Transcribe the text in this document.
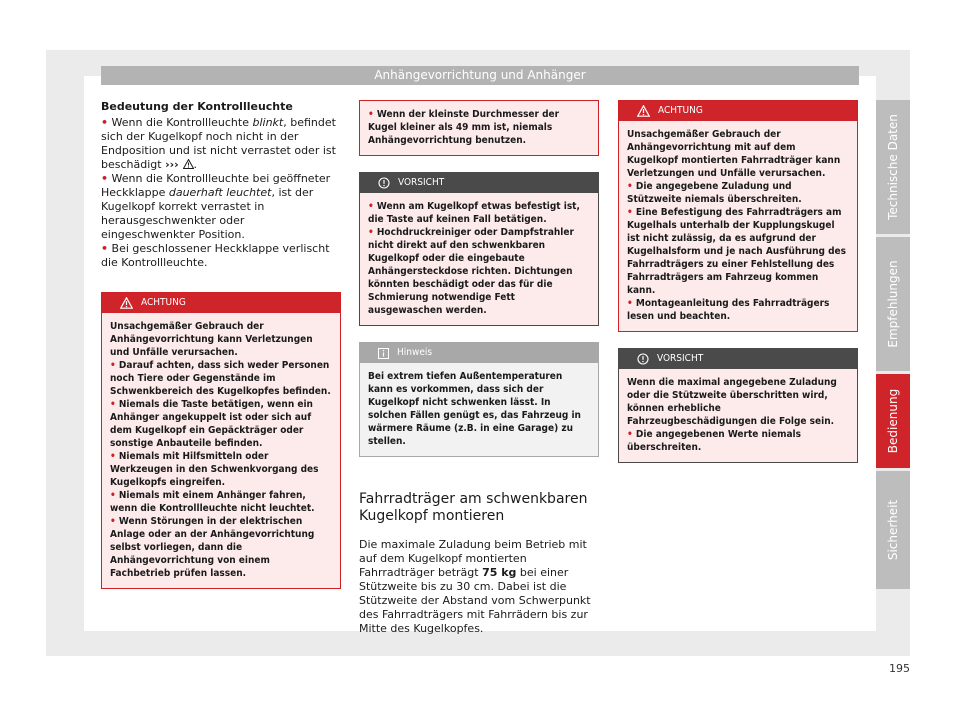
Anhängevorrichtung und Anhänger

Bedeutung der Kontrollleuchte

• Wenn die Kontrollleuchte blinkt, befindet sich der Kugelkopf noch nicht in der Endposition und ist nicht verrastet oder ist beschädigt ››› .

• Wenn die Kontrollleuchte bei geöffneter Heckklappe dauerhaft leuchtet, ist der Kugelkopf korrekt verrastet in herausgeschwenkter oder eingeschwenkter Position.

• Bei geschlossener Heckklappe verlischt die Kontrollleuchte.

ACHTUNG

Unsachgemäßer Gebrauch der Anhängevorrichtung kann Verletzungen und Unfälle verursachen.

• Darauf achten, dass sich weder Personen noch Tiere oder Gegenstände im Schwenkbereich des Kugelkopfes befinden.

• Niemals die Taste betätigen, wenn ein Anhänger angekuppelt ist oder sich auf dem Kugelkopf ein Gepäckträger oder sonstige Anbauteile befinden.

• Niemals mit Hilfsmitteln oder Werkzeugen in den Schwenkvorgang des Kugelkopfs eingreifen.

• Niemals mit einem Anhänger fahren, wenn die Kontrollleuchte nicht leuchtet.

• Wenn Störungen in der elektrischen Anlage oder an der Anhängevorrichtung selbst vorliegen, dann die Anhängevorrichtung von einem Fachbetrieb prüfen lassen.

• Wenn der kleinste Durchmesser der Kugel kleiner als 49 mm ist, niemals Anhängevorrichtung benutzen.

VORSICHT

• Wenn am Kugelkopf etwas befestigt ist, die Taste auf keinen Fall betätigen.

• Hochdruckreiniger oder Dampfstrahler nicht direkt auf den schwenkbaren Kugelkopf oder die eingebaute Anhängersteckdose richten. Dichtungen könnten beschädigt oder das für die Schmierung notwendige Fett ausgewaschen werden.

Hinweis

Bei extrem tiefen Außentemperaturen kann es vorkommen, dass sich der Kugelkopf nicht schwenken lässt. In solchen Fällen genügt es, das Fahrzeug in wärmere Räume (z.B. in eine Garage) zu stellen.

Fahrradträger am schwenkbaren Kugelkopf montieren

Die maximale Zuladung beim Betrieb mit auf dem Kugelkopf montierten Fahrradträger beträgt 75 kg bei einer Stützweite bis zu 30 cm. Dabei ist die Stützweite der Abstand vom Schwerpunkt des Fahrradträgers mit Fahrrädern bis zur Mitte des Kugelkopfes.

ACHTUNG

Unsachgemäßer Gebrauch der Anhängevorrichtung mit auf dem Kugelkopf montierten Fahrradträger kann Verletzungen und Unfälle verursachen.

• Die angegebene Zuladung und Stützweite niemals überschreiten.

• Eine Befestigung des Fahrradträgers am Kugelhals unterhalb der Kupplungskugel ist nicht zulässig, da es aufgrund der Kugelhalsform und je nach Ausführung des Fahrradträgers zu einer Fehlstellung des Fahrradträgers am Fahrzeug kommen kann.

• Montageanleitung des Fahrradträgers lesen und beachten.

VORSICHT

Wenn die maximal angegebene Zuladung oder die Stützweite überschritten wird, können erhebliche Fahrzeugbeschädigungen die Folge sein.

• Die angegebenen Werte niemals überschreiten.

Technische Daten
Empfehlungen
Bedienung
Sicherheit
195
